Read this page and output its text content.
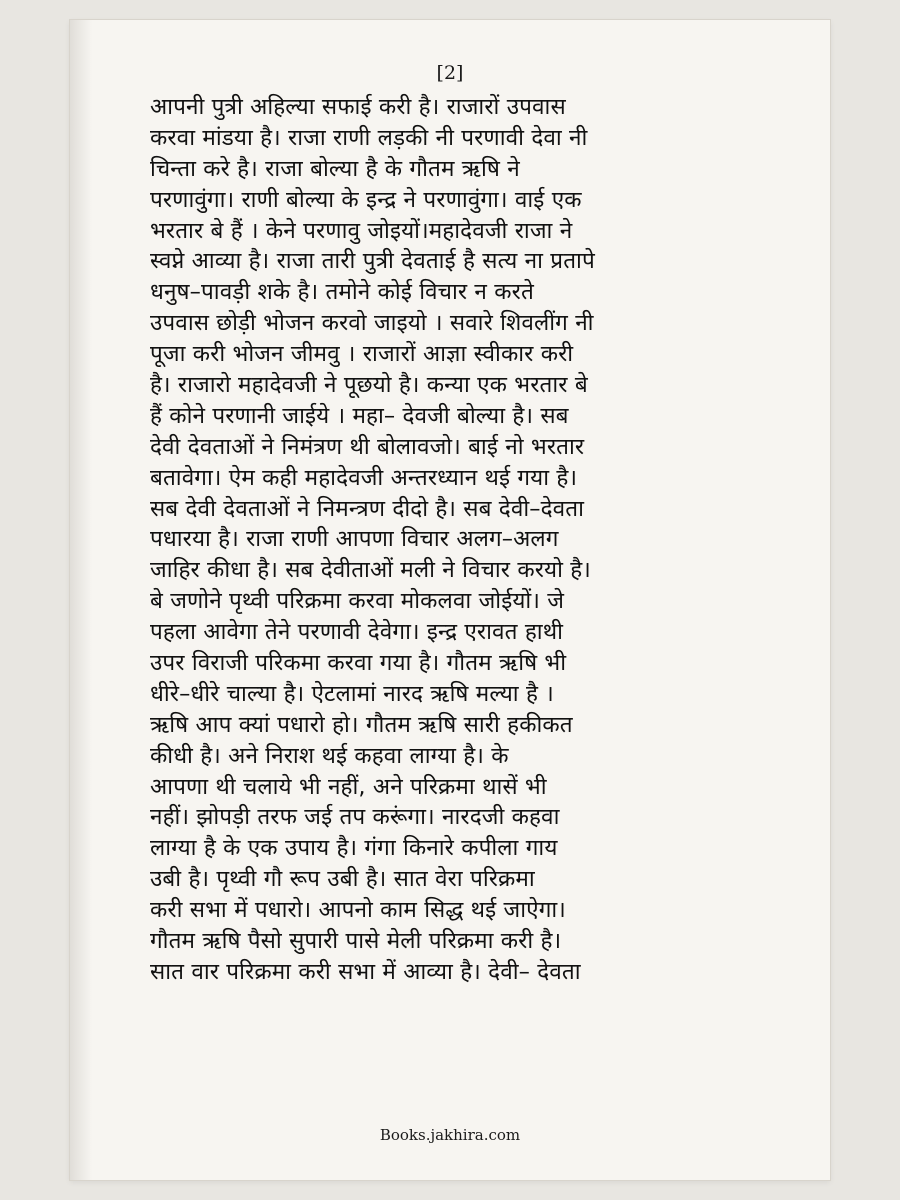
[2]
आपनी पुत्री अहिल्या सफाई करी है। राजारों उपवास
करवा मांडया है। राजा राणी लड़की नी परणावी देवा नी
चिन्ता करे है। राजा बोल्या है के गौतम ऋषि ने
परणावुंगा। राणी बोल्या के इन्द्र ने परणावुंगा। वाई एक
भरतार बे हैं । केने परणावु जोइयों।महादेवजी राजा ने
स्वप्ने आव्या है। राजा तारी पुत्री देवताई है सत्य ना प्रतापे
धनुष–पावड़ी शके है। तमोने कोई विचार न करते
उपवास छोड़ी भोजन करवो जाइयो । सवारे शिवलींग नी
पूजा करी भोजन जीमवु । राजारों आज्ञा स्वीकार करी
है। राजारो महादेवजी ने पूछयो है। कन्या एक भरतार बे
हैं कोने परणानी जाईये । महा– देवजी बोल्या है। सब
देवी देवताओं ने निमंत्रण थी बोलावजो। बाई नो भरतार
बतावेगा। ऐम कही महादेवजी अन्तरध्यान थई गया है।
सब देवी देवताओं ने निमन्त्रण दीदो है। सब देवी–देवता
पधारया है। राजा राणी आपणा विचार अलग–अलग
जाहिर कीधा है। सब देवीताओं मली ने विचार करयो है।
बे जणोने पृथ्वी परिक्रमा करवा मोकलवा जोईयों। जे
पहला आवेगा तेने परणावी देवेगा। इन्द्र एरावत हाथी
उपर विराजी परिकमा करवा गया है। गौतम ऋषि भी
धीरे–धीरे चाल्या है। ऐटलामां नारद ऋषि मल्या है ।
ऋषि आप क्यां पधारो हो। गौतम ऋषि सारी हकीकत
कीधी है। अने निराश थई कहवा लाग्या है। के
आपणा थी चलाये भी नहीं, अने परिक्रमा थासें भी
नहीं। झोपड़ी तरफ जई तप करूंगा। नारदजी कहवा
लाग्या है के एक उपाय है। गंगा किनारे कपीला गाय
उबी है। पृथ्वी गौ रूप उबी है। सात वेरा परिक्रमा
करी सभा में पधारो। आपनो काम सिद्ध थई जाऐगा।
गौतम ऋषि पैसो सुपारी पासे मेली परिक्रमा करी है।
सात वार परिक्रमा करी सभा में आव्या है। देवी– देवता
Books.jakhira.com
